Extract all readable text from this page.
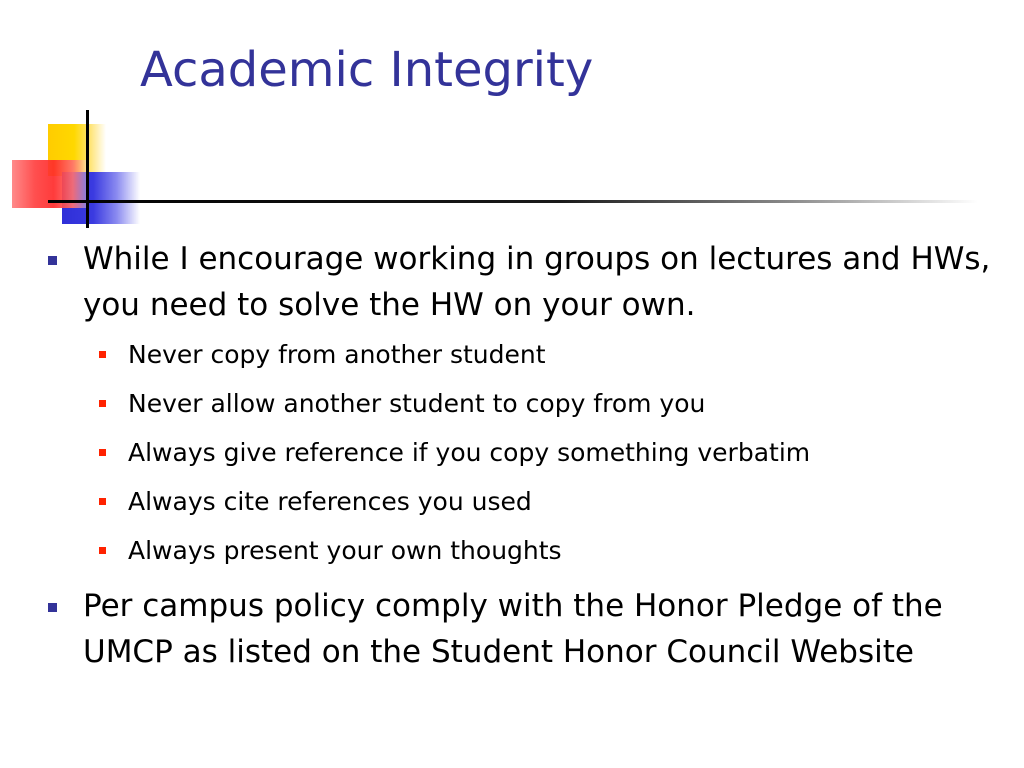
Academic Integrity
While I encourage working in groups on lectures and HWs, you need to solve the HW on your own.
Never copy from another student
Never allow another student to copy from you
Always give reference if you copy something verbatim
Always cite references you used
Always present your own thoughts
Per campus policy comply with the Honor Pledge of the UMCP as listed on the Student Honor Council Website
